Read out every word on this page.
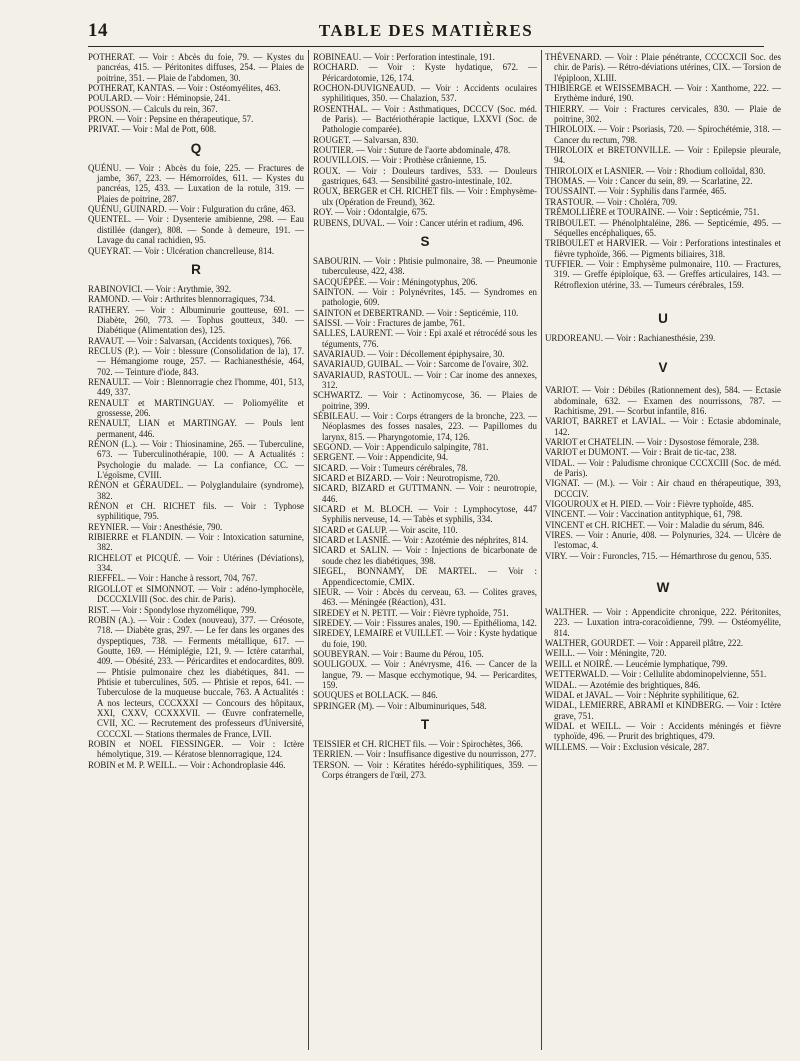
14	TABLE DES MATIÈRES

POTHERAT. — Voir : Abcès du foie, 79. — Kystes du pancréas, 415. — Péritonites diffuses, 254. — Plaies de poitrine, 351. — Plaie de l'abdomen, 30.

POTHERAT, KANTAS. — Voir : Ostéomyélites, 463.

POULARD. — Voir : Héminopsie, 241.

POUSSON. — Calculs du rein, 367.

PRON. — Voir : Pepsine en thérapeutique, 57.

PRIVAT. — Voir : Mal de Pott, 608.

Q

QUÉNU. — Voir : Abcès du foie, 225. — Fractures de jambe, 367, 223. — Hémorroïdes, 611. — Kystes du pancréas, 125, 433. — Luxation de la rotule, 319. — Plaies de poitrine, 287.

QUÉNU, GUINARD. — Voir : Fulguration du crâne, 463.

QUENTEL. — Voir : Dysenterie amibienne, 298. — Eau distillée (danger), 808. — Sonde à demeure, 191. — Lavage du canal rachidien, 95.

QUEYRAT. — Voir : Ulcération chancrelleuse, 814.

R

RABINOVICI. — Voir : Arythmie, 392.

RAMOND. — Voir : Arthrites blennorragiques, 734.

RATHERY. — Voir : Albuminurie goutteuse, 691. — Diabète, 260, 773. — Tophus goutteux, 340. — Diabétique (Alimentation des), 125.

RAVAUT. — Voir : Salvarsan, (Accidents toxiques), 766.

RECLUS (P.). — Voir : blessure (Consolidation de la), 17. — Hémangiome rouge, 257. — Rachianesthésie, 464, 702. — Teinture d'iode, 843.

RENAULT. — Voir : Blennorragie chez l'homme, 401, 513, 449, 337.

RENAULT et MARTINGUAY. — Poliomyélite et grossesse, 206.

RENAULT, LIAN et MARTINGAY. — Pouls lent permanent, 446.

RÉNON (L.). — Voir : Thiosinamine, 265. — Tuberculine, 673. — Tuberculinothérapie, 100. — A Actualités : Psychologie du malade. — La confiance, CC. — L'égoïsme, CVIII.

RÉNON et GÉRAUDEL. — Polyglandulaire (syndrome), 382.

RÉNON et CH. RICHET fils. — Voir : Typhose syphilitique, 795.

REYNIER. — Voir : Anesthésie, 790.

RIBIERRE et FLANDIN. — Voir : Intoxication saturnine, 382.

RICHELOT et PICQUÉ. — Voir : Utérines (Déviations), 334.

RIEFFEL. — Voir : Hanche à ressort, 704, 767.

RIGOLLOT et SIMONNOT. — Voir : adéno-lymphocèle, DCCCXLVIII (Soc. des chir. de Paris).

RIST. — Voir : Spondylose rhyzomélique, 799.

ROBIN (A.). — Voir : Codex (nouveau), 377. — Créosote, 718. — Diabète gras, 297. — Le fer dans les organes des dyspeptiques, 738. — Ferments métallique, 617. — Goutte, 169. — Hémiplégie, 121, 9. — Ictère catarrhal, 409. — Obésité, 233. — Péricardites et endocardites, 809. — Phtisie pulmonaire chez les diabétiques, 841. — Phtisie et tuberculines, 505. — Phtisie et repos, 641. — Tuberculose de la muqueuse buccale, 763. A Actualités : A nos lecteurs, CCCXXXI — Concours des hôpitaux, XXI, CXXV, CCXXXVII. — Œuvre confraternelle, CVII, XC. — Recrutement des professeurs d'Université, CCCCXI. — Stations thermales de France, LVII.

ROBIN et NOEL FIESSINGER. — Voir : Ictère hémolytique, 319. — Kératose blennorragique, 124.

ROBIN et M. P. WEILL. — Voir : Achondroplasie 446.

ROBINEAU. — Voir : Perforation intestinale, 191.

ROCHARD. — Voir : Kyste hydatique, 672. — Péricardotomie, 126, 174.

ROCHON-DUVIGNEAUD. — Voir : Accidents oculaires syphilitiques, 350. — Chalazion, 537.

ROSENTHAL. — Voir : Asthmatiques, DCCCV (Soc. méd. de Paris). — Bactériothérapie lactique, LXXVI (Soc. de Pathologie comparée).

ROUGET. — Salvarsan, 830.

ROUTIER. — Voir : Suture de l'aorte abdominale, 478.

ROUVILLOIS. — Voir : Prothèse crânienne, 15.

ROUX. — Voir : Douleurs tardives, 533. — Douleurs gastriques, 643. — Sensibilité gastro-intestinale, 102.

ROUX, BERGER et CH. RICHET fils. — Voir : Emphysème-ulx (Opération de Freund), 362.

ROY. — Voir : Odontalgie, 675.

RUBENS, DUVAL. — Voir : Cancer utérin et radium, 496.

S

SABOURIN. — Voir : Phtisie pulmonaire, 38. — Pneumonie tuberculeuse, 422, 438.

SACQUÉPÉE. — Voir : Méningotyphus, 206.

SAINTON. — Voir : Polynévrites, 145. — Syndromes en pathologie, 609.

SAINTON et DEBERTRAND. — Voir : Septicémie, 110.

SAISSI. — Voir : Fractures de jambe, 761.

SALLES, LAURENT. — Voir : Epi axalé et rétrocédé sous les téguments, 776.

SAVARIAUD. — Voir : Décollement épiphysaire, 30.

SAVARIAUD, GUIBAL. — Voir : Sarcome de l'ovaire, 302.

SAVARIAUD, RASTOUL. — Voir : Car inome des annexes, 312.

SCHWARTZ. — Voir : Actinomycose, 36. — Plaies de poitrine, 399.

SÉBILEAU. — Voir : Corps étrangers de la bronche, 223. — Néoplasmes des fosses nasales, 223. — Papillomes du larynx, 815. — Pharyngotomie, 174, 126.

SEGOND. — Voir : Appendiculo salpingite, 781.

SERGENT. — Voir : Appendicite, 94.

SICARD. — Voir : Tumeurs cérébrales, 78.

SICARD et BIZARD. — Voir : Neurotropisme, 720.

SICARD, BIZARD et GUTTMANN. — Voir : neurotropie, 446.

SICARD et M. BLOCH. — Voir : Lymphocytose, 447 Syphilis nerveuse, 14. — Tabès et syphilis, 334.

SICARD et GALUP. — Voir ascite, 110.

SICARD et LASNIÉ. — Voir : Azotémie des néphrites, 814.

SICARD et SALIN. — Voir : Injections de bicarbonate de soude chez les diabétiques, 398.

SIEGEL, BONNAMY, DE MARTEL. — Voir : Appendicectomie, CMIX.

SIEUR. — Voir : Abcès du cerveau, 63. — Colites graves, 463. — Méningée (Réaction), 431.

SIREDEY et N. PETIT. — Voir : Fièvre typhoïde, 751.

SIREDEY. — Voir : Fissures anales, 190. — Epithélioma, 142.

SIREDEY, LEMAIRE et VUILLET. — Voir : Kyste hydatique du foie, 190.

SOUBEYRAN. — Voir : Baume du Pérou, 105.

SOULIGOUX. — Voir : Anévrysme, 416. — Cancer de la langue, 79. — Masque ecchymotique, 94. — Pericardites, 159.

SOUQUES et BOLLACK. — 846.

SPRINGER (M). — Voir : Albuminuriques, 548.

T

TEISSIER et CH. RICHET fils. — Voir : Spirochètes, 366.

TERRIEN. — Voir : Insuffisance digestive du nourrisson, 277.

TERSON. — Voir : Kératites hérédo-syphilitiques, 359. — Corps étrangers de l'œil, 273.

THÉVENARD. — Voir : Plaie pénétrante, CCCCXCII Soc. des chir. de Paris). — Rétro-déviations utérines, CIX. — Torsion de l'épiploon, XLIII.

THIBIERGE et WEISSEMBACH. — Voir : Xanthome, 222. — Erythème induré, 190.

THIERRY. — Voir : Fractures cervicales, 830. — Plaie de poitrine, 302.

THIROLOIX. — Voir : Psoriasis, 720. — Spirochétémie, 318. — Cancer du rectum, 798.

THIROLOIX et BRETONVILLE. — Voir : Epilepsie pleurale, 94.

THIROLOIX et LASNIER. — Voir : Rhodium colloïdal, 830.

THOMAS. — Voir : Cancer du sein, 89. — Scarlatine, 22.

TOUSSAINT. — Voir : Syphilis dans l'armée, 465.

TRASTOUR. — Voir : Choléra, 709.

TRÉMOLLIÈRE et TOURAINE. — Voir : Septicémie, 751.

TRIBOULET. — Phénolphtaléine, 286. — Septicémie, 495. — Séquelles encéphaliques, 65.

TRIBOULET et HARVIER. — Voir : Perforations intestinales et fièvre typhoïde, 366. — Pigments biliaires, 318.

TUFFIER. — Voir : Emphysème pulmonaire, 110. — Fractures, 319. — Greffe épiploïque, 63. — Greffes articulaires, 143. — Rétroflexion utérine, 33. — Tumeurs cérébrales, 159.

U

URDOREANU. — Voir : Rachianesthésie, 239.

V

VARIOT. — Voir : Débiles (Rationnement des), 584. — Ectasie abdominale, 632. — Examen des nourrissons, 787. — Rachitisme, 291. — Scorbut infantile, 816.

VARIOT, BARRET et LAVIAL. — Voir : Ectasie abdominale, 142.

VARIOT et CHATELIN. — Voir : Dysostose fémorale, 238.

VARIOT et DUMONT. — Voir : Brait de tic-tac, 238.

VIDAL. — Voir : Paludisme chronique CCCXCIII (Soc. de méd. de Paris).

VIGNAT. — (M.). — Voir : Air chaud en thérapeutique, 393, DCCCIV.

VIGOUROUX et H. PIED. — Voir : Fièvre typhoïde, 485.

VINCENT. — Voir : Vaccination antityphique, 61, 798.

VINCENT et CH. RICHET. — Voir : Maladie du sérum, 846.

VIRES. — Voir : Anurie, 408. — Polynuries, 324. — Ulcère de l'estomac, 4.

VIRY. — Voir : Furoncles, 715. — Hémarthrose du genou, 535.

W

WALTHER. — Voir : Appendicite chronique, 222. Péritonites, 223. — Luxation intra-coracoïdienne, 799. — Ostéomyélite, 814.

WALTHER, GOURDET. — Voir : Appareil plâtre, 222.

WEILL. — Voir : Méningite, 720.

WEILL et NOIRÉ. — Leucémie lymphatique, 799.

WETTERWALD. — Voir : Cellulite abdominopelvienne, 551.

WIDAL. — Azotémie des brightiques, 846.

WIDAL et JAVAL. — Voir : Néphrite syphilitique, 62.

WIDAL, LEMIERRE, ABRAMI et KINDBERG. — Voir : Ictère grave, 751.

WIDAL et WEILL. — Voir : Accidents méningés et fièvre typhoïde, 496. — Prurit des brightiques, 479.

WILLEMS. — Voir : Exclusion vésicale, 287.
